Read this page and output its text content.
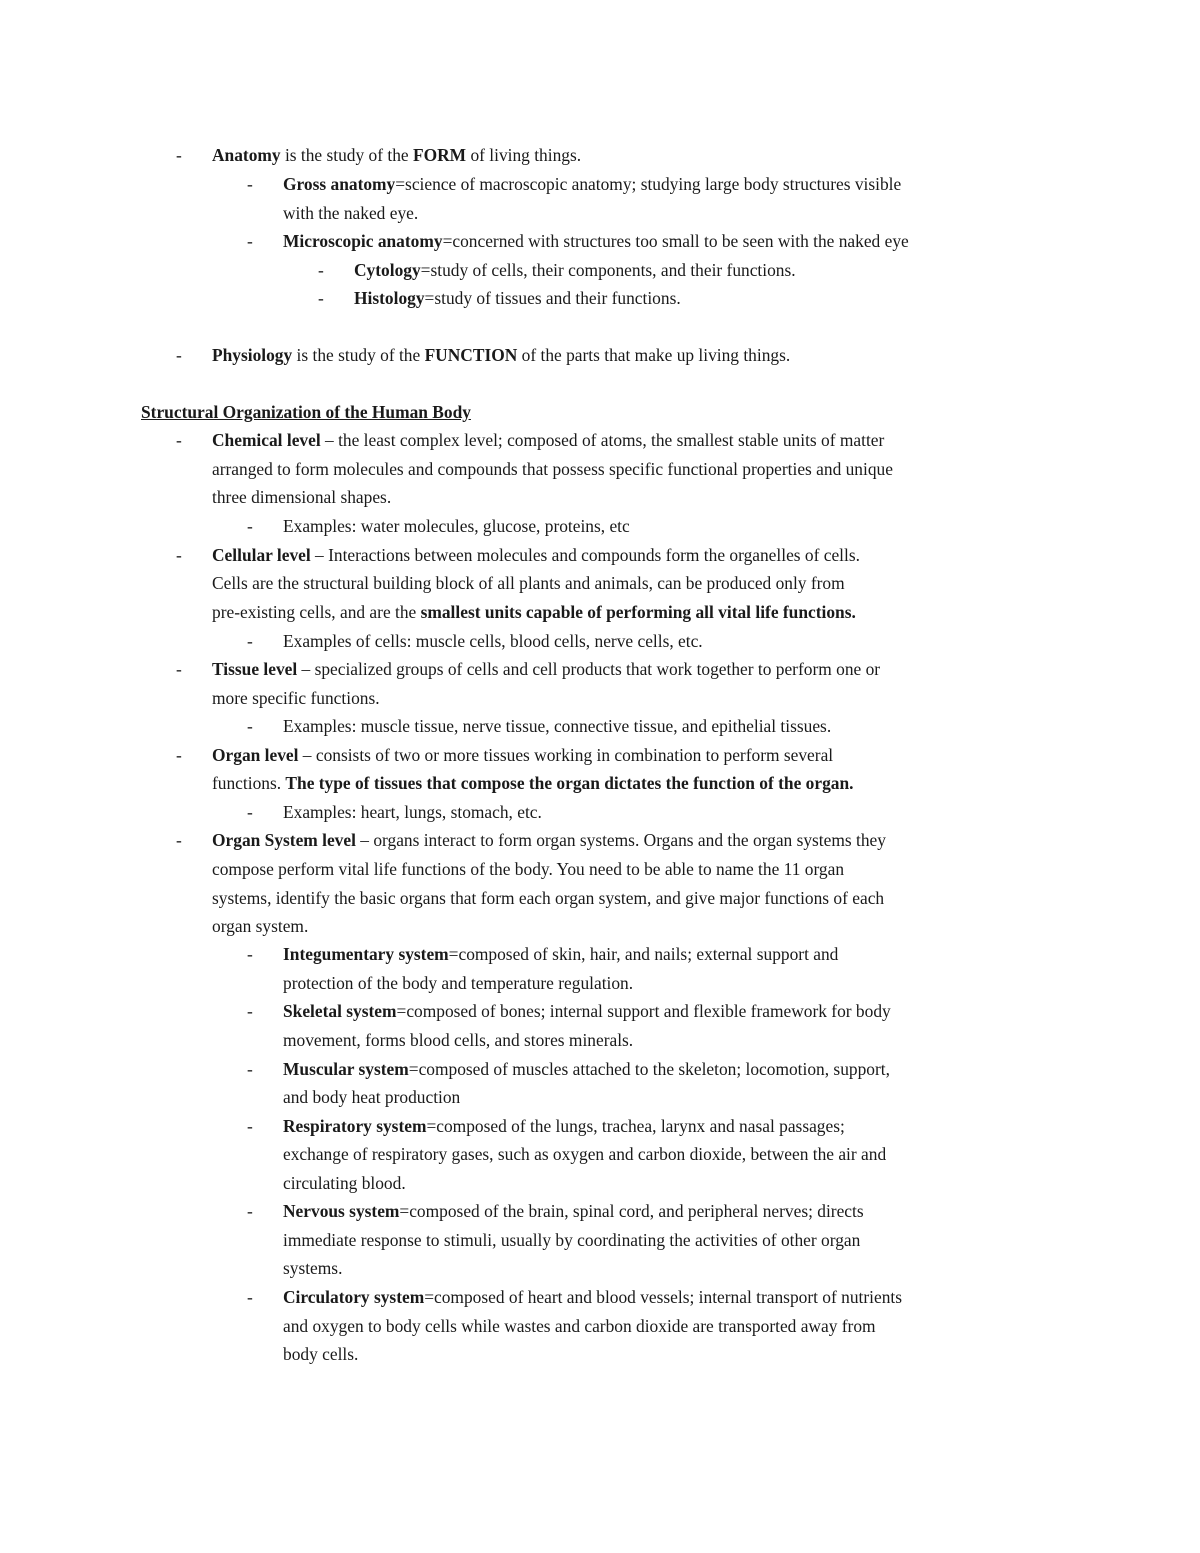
- Anatomy is the study of the FORM of living things.
- Gross anatomy=science of macroscopic anatomy; studying large body structures visible
with the naked eye.
- Microscopic anatomy=concerned with structures too small to be seen with the naked eye
- Cytology=study of cells, their components, and their functions.
- Histology=study of tissues and their functions.
- Physiology is the study of the FUNCTION of the parts that make up living things.
Structural Organization of the Human Body
- Chemical level – the least complex level; composed of atoms, the smallest stable units of matter
arranged to form molecules and compounds that possess specific functional properties and unique
three dimensional shapes.
- Examples: water molecules, glucose, proteins, etc
- Cellular level – Interactions between molecules and compounds form the organelles of cells.
Cells are the structural building block of all plants and animals, can be produced only from
pre-existing cells, and are the smallest units capable of performing all vital life functions.
- Examples of cells: muscle cells, blood cells, nerve cells, etc.
- Tissue level – specialized groups of cells and cell products that work together to perform one or
more specific functions.
- Examples: muscle tissue, nerve tissue, connective tissue, and epithelial tissues.
- Organ level – consists of two or more tissues working in combination to perform several
functions. The type of tissues that compose the organ dictates the function of the organ.
- Examples: heart, lungs, stomach, etc.
- Organ System level – organs interact to form organ systems. Organs and the organ systems they
compose perform vital life functions of the body. You need to be able to name the 11 organ
systems, identify the basic organs that form each organ system, and give major functions of each
organ system.
- Integumentary system=composed of skin, hair, and nails; external support and
protection of the body and temperature regulation.
- Skeletal system=composed of bones; internal support and flexible framework for body
movement, forms blood cells, and stores minerals.
- Muscular system=composed of muscles attached to the skeleton; locomotion, support,
and body heat production
- Respiratory system=composed of the lungs, trachea, larynx and nasal passages;
exchange of respiratory gases, such as oxygen and carbon dioxide, between the air and
circulating blood.
- Nervous system=composed of the brain, spinal cord, and peripheral nerves; directs
immediate response to stimuli, usually by coordinating the activities of other organ
systems.
- Circulatory system=composed of heart and blood vessels; internal transport of nutrients
and oxygen to body cells while wastes and carbon dioxide are transported away from
body cells.
